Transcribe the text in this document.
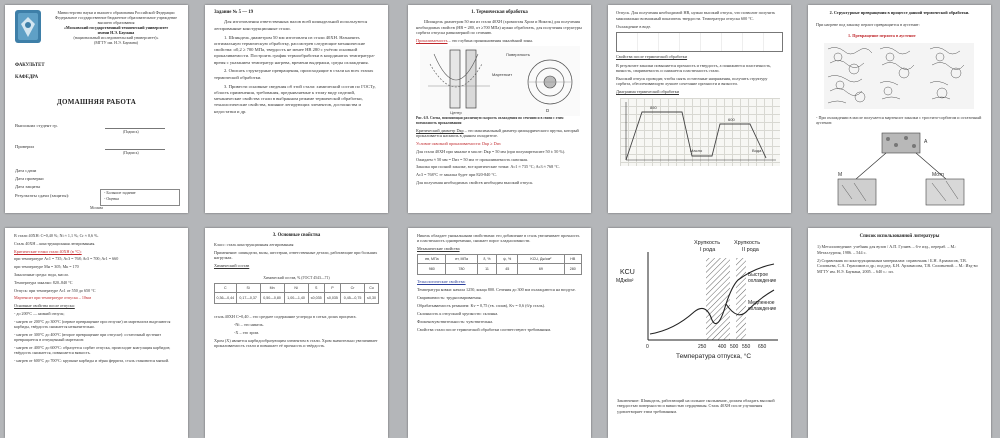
Министерство науки и высшего образования Российской Федерации

Федеральное государственное бюджетное образовательное учреждение

высшего образования

«Московский государственный технический университет

имени Н.Э. Баумана

(национальный исследовательский университет)»

(МГТУ им. Н.Э. Баумана)

ФАКУЛЬТЕТ

КАФЕДРА

ДОМАШНЯЯ РАБОТА

Выполнил студент гр.

(Подпись)

Проверил

(Подпись)

Дата сдачи

Дата проверки

Дата защиты

Результаты сдачи (защиты):

- Большое задание

- Оценка

Москва

Задание № 5 — 19

Для изготовления ответственных валов всей шпиндельной используются легированные конструкционные стали.

1. Шпиндель диаметром 50 мм изготовлен из стали 40ХН. Назначить оптимальную термическую обработку, рассмотрев следующие механические свойства: σ0,2 ≥ 700 МПа, твердость не менее НВ 280 с учётом основной прокаливаемости. Построить график термообработки в координатах температура-время с указанием температур нагрева, времени выдержки, среды охлаждения.

2. Описать структурные превращения, происходящие в стали на всех этапах термической обработки.

3. Привести основные сведения об этой стали: химический состав по ГОСТу, область применения, требования, предъявляемые к этому виду изделий, механические свойства стали в выбранном режиме термической обработки, технологические свойства, влияние легирующих элементов, достоинства и недостатки и др.

1. Термическая обработка

Шпиндель диаметром 50 мм из стали 40ХН (хромистая Хром и Никель) для получения необходимых свойств (НВ = 280, σт ≥700 МПа) нужно обработать, для получения структуры сорбита отпуска равномерной по сечению.

Прокаливаемость – это глубина проникновения закалённой зоны.

Центр
Поверхность
Мартенсит
D

Рис. 6.9. Схема, поясняющая различную скорость охлаждения по сечению и в связи с этим возможность прокаливания

Критический диаметр Dкр – это максимальный диаметр цилиндрического прутка, который прокаливается насквозь в данном охладителе.

Условие сквозной прокаливаемости: Dкр ≥ Dиз

Для стали 40ХН при закалке в масле: Dкр = 50 мм (при полумартенсите 50 ± 50 %).

Ожидаем ≈ 50 мм = Dиз = 50 мм ⇒ прокаливаемость сквозная.

Закалка при полной закалке, все критические точки: Ac1 ≈ 735 °C; Ac3 ≈ 768 °C.

Ac3 = 768°C ⇒ закалка будет при 820-840 °C.

Для получения необходимых свойств необходим высокий отпуск.

Отпуск. Для получения необходимой НВ, нужно высокий отпуск, что позволит получить максимально возможный показатель твердости. Температура отпуска 600 °С.

Охлаждение в воде.

Свойства после термической обработки

В результате закалки повышается прочность и твердость, а понижаются пластичность, вязкость, свариваемость и снижается пластичность стали.

Высокий отпуск проводят, чтобы снять остаточные напряжения, получить структуру сорбита, обеспечивающую лучшее сочетание прочности и вязкости.

Диаграмма термической обработки

850
600
Масло	Вода

2. Структурные превращения в процессе данной термической обработки.

При нагреве под закалку перлит превращается в аустенит:

1. Превращение перлита в аустенит

- При охлаждении в масле получается мартенсит закалки с тростито-сорбитом и остаточный аустенит.

А
М	Мотп

В стали 40ХН: C=0,40 %; Ni ≈ 1,1 %; Cr ≈ 0,6 %.

Сталь 40ХН – конструкционная легированная.

Критические точки стали 40ХН (в °С):

при температуре Ac1 = 735; Ac3 = 768; Ar3 = 700; Ar1 = 660

при температуре Mн = 305; Mк = 170

Закалочные среды: вода, масло.

Температура закалки: 820–840 °С

Отпуск: при температуре Aс1 от 550 до 650 °С

Мартенсит при температуре отпуска – 10мм

Основные свойства после отпуска:

- до 200°С — низкий отпуск;

- нагрев от 200°С до 300°С (первое превращение при отпуске) из мартенсита выделяются карбиды, твёрдость снижается незначительно.

- нагрев от 300°С до 400°С (второе превращение при отпуске): остаточный аустенит превращается в отпущенный мартенсит.

- нагрев от 400°С до 600°С: образуется сорбит отпуска, происходит коагуляция карбидов; твёрдость снижается, повышается вязкость.

- нагрев от 600°С до 700°С: крупные карбиды и зёрна феррита, сталь становится мягкой.

3. Основные свойства

Класс: сталь конструкционная легированная

Применение: шпиндели, валы, шестерни, ответственные детали, работающие при больших нагрузках.

Химический состав

Химический состав, % (ГОСТ 4543—71)

C	Si	Mn	Ni	S	P	Cr	Cu
0,36—0,44	0,17—0,37	0,50—0,80	1,00—1,40	≤0,035	≤0,035	0,45—0,75	≤0,30

сталь 40ХН С=0,40 – это среднее содержание углерода в сотых долях процента.

-Ni – это никель.

-Х – это хром.

Хром (Х) является карбидообразующим элементом в стали. Хром значительно увеличивает прокаливаемость стали и повышает её прочность и твёрдость.

Никель обладает уникальными свойствами: его добавление в сталь увеличивает прочность и пластичность одновременно, снижает порог хладноломкости.

Механические свойства

σв, МПа	σт, МПа	δ, %	ψ, %	KCU, Дж/см²	НВ
980	780	11	45	69	280

Технологические свойства:

Температура ковки: начала 1250, конца 800. Сечения до 300 мм охлаждаются на воздухе.

Свариваемость: трудносвариваемая.

Обрабатываемость резанием: Kv = 0,75 (тв. сплав), Kv = 0,6 (б/р сталь).

Склонность к отпускной хрупкости: склонна.

Флокеночувствительность: чувствительна.

Свойства стали после термической обработки соответствуют требованиям.

KCU
МДж/м²
Хрупкость
I рода
Хрупкость
II рода
Быстрое
охлаждение
Медленное
охлаждение
0	250 400 500 550 650
Температура отпуска, °С

Заключение: Шпиндель, работающий на сильное скольжение, должен обладать высокой твердостью поверхности и вязкостью сердцевины. Сталь 40ХН после улучшения удовлетворяет этим требованиям.

Список использованной литературы

1) Металловедение: учебник для вузов / А.П. Гуляев. – 6-е изд., перераб. – М.: Металлургия, 1986. – 544 с.

2) Справочник по конструкционным материалам: справочник / Б.Н. Арзамасов, Т.В. Соловьева, С.А. Герасимов и др.; под ред. Б.Н. Арзамасова, Т.В. Соловьевой. – М.: Изд-во МГТУ им. Н.Э. Баумана, 2005. – 640 с.: ил.
